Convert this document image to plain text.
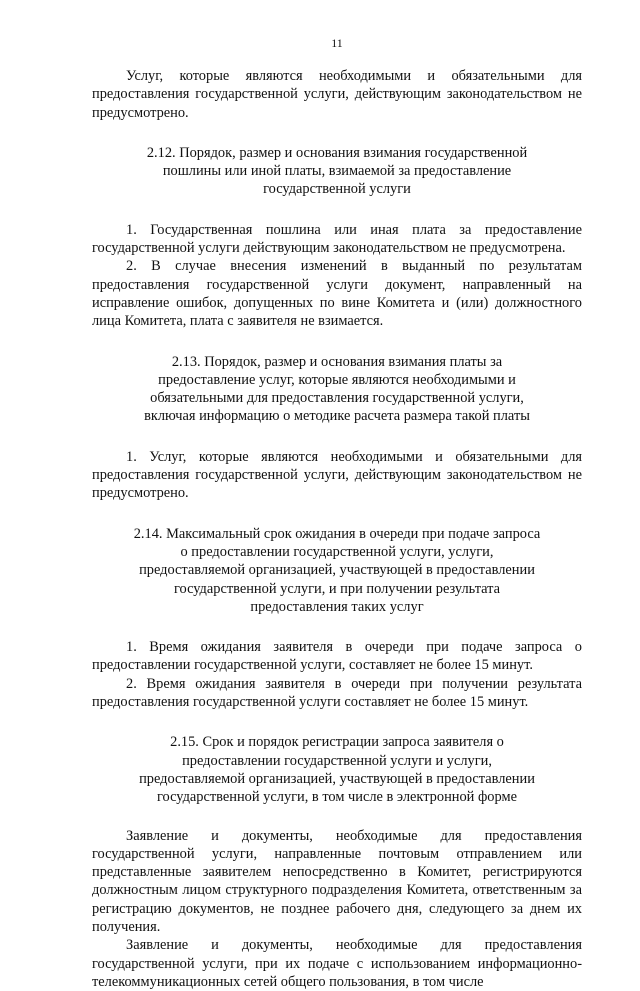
11

Услуг, которые являются необходимыми и обязательными для предоставления государственной услуги, действующим законодательством не предусмотрено.

2.12. Порядок, размер и основания взимания государственной пошлины или иной платы, взимаемой за предоставление государственной услуги

1. Государственная пошлина или иная плата за предоставление государственной услуги действующим законодательством не предусмотрена.

2. В случае внесения изменений в выданный по результатам предоставления государственной услуги документ, направленный на исправление ошибок, допущенных по вине Комитета и (или) должностного лица Комитета, плата с заявителя не взимается.

2.13. Порядок, размер и основания взимания платы за предоставление услуг, которые являются необходимыми и обязательными для предоставления государственной услуги, включая информацию о методике расчета размера такой платы

1. Услуг, которые являются необходимыми и обязательными для предоставления государственной услуги, действующим законодательством не предусмотрено.

2.14. Максимальный срок ожидания в очереди при подаче запроса о предоставлении государственной услуги, услуги, предоставляемой организацией, участвующей в предоставлении государственной услуги, и при получении результата предоставления таких услуг

1. Время ожидания заявителя в очереди при подаче запроса о предоставлении государственной услуги, составляет не более 15 минут.

2. Время ожидания заявителя в очереди при получении результата предоставления государственной услуги составляет не более 15 минут.

2.15. Срок и порядок регистрации запроса заявителя о предоставлении государственной услуги и услуги, предоставляемой организацией, участвующей в предоставлении государственной услуги, в том числе в электронной форме

Заявление и документы, необходимые для предоставления государственной услуги, направленные почтовым отправлением или представленные заявителем непосредственно в Комитет, регистрируются должностным лицом структурного подразделения Комитета, ответственным за регистрацию документов, не позднее рабочего дня, следующего за днем их получения.

Заявление и документы, необходимые для предоставления государственной услуги, при их подаче с использованием информационно-телекоммуникационных сетей общего пользования, в том числе
